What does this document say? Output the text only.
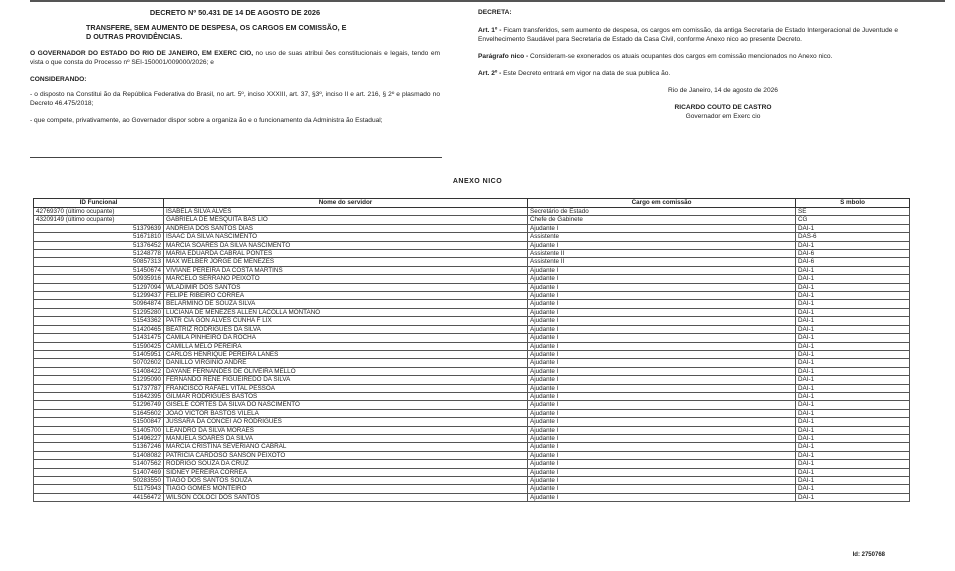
DECRETO Nº 50.431 DE 14 DE AGOSTO DE 2026
TRANSFERE, SEM AUMENTO DE DESPESA, OS CARGOS EM COMISSÃO, E
D OUTRAS PROVIDÊNCIAS.

O GOVERNADOR DO ESTADO DO RIO DE JANEIRO, EM EXERC CIO, no uso de suas atribui ões constitucionais e legais, tendo em vista o que consta do Processo nº SEI-150001/009000/2026; e

CONSIDERANDO:

- o disposto na Constitui ão da República Federativa do Brasil, no art. 5º, inciso XXXIII, art. 37, §3º, inciso II e art. 216, § 2º e plasmado no Decreto 46.475/2018;

- que compete, privativamente, ao Governador dispor sobre a organiza ão e o funcionamento da Administra ão Estadual;

DECRETA:

Art. 1º - Ficam transferidos, sem aumento de despesa, os cargos em comissão, da antiga Secretaria de Estado Intergeracional de Juventude e Envelhecimento Saudável para Secretaria de Estado da Casa Civil, conforme Anexo nico ao presente Decreto.

Parágrafo nico - Consideram-se exonerados os atuais ocupantes dos cargos em comissão mencionados no Anexo nico.

Art. 2º - Este Decreto entrará em vigor na data de sua publica ão.

Rio de Janeiro, 14 de agosto de 2026
RICARDO COUTO DE CASTRO
Governador em Exerc cio
ANEXO NICO
ID Funcional	Nome do servidor	Cargo em comissão	S mbolo
42769370 (último ocupante)	ISABELA SILVA ALVES	Secretário de Estado	SE
43209149 (último ocupante)	GABRIELA DE MESQUITA BAS LIO	Chefe de Gabinete	CG
51379639	ANDREIA DOS SANTOS DIAS	Ajudante I	DAI-1
51671810	ISAAC DA SILVA NASCIMENTO	Assistente	DAS-6
51376452	MARCIA SOARES DA SILVA NASCIMENTO	Ajudante I	DAI-1
51248778	MARIA EDUARDA CABRAL PONTES	Assistente II	DAI-6
50857313	MAX WELBER JORGE DE MENEZES	Assistente II	DAI-6
51450674	VIVIANE PEREIRA DA COSTA MARTINS	Ajudante I	DAI-1
50935916	MARCELO SERRANO PEIXOTO	Ajudante I	DAI-1
51297094	WLADIMIR DOS SANTOS	Ajudante I	DAI-1
51299437	FELIPE RIBEIRO CORREA	Ajudante I	DAI-1
50964874	BELARMINO DE SOUZA SILVA	Ajudante I	DAI-1
51295280	LUCIANA DE MENEZES ALLEN LACOLLA MONTANO	Ajudante I	DAI-1
51543362	PATR CIA GON ALVES CUNHA F LIX	Ajudante I	DAI-1
51420465	BEATRIZ RODRIGUES DA SILVA	Ajudante I	DAI-1
51431475	CAMILA PINHEIRO DA ROCHA	Ajudante I	DAI-1
51590425	CAMILLA MELO PEREIRA	Ajudante I	DAI-1
51405951	CARLOS HENRIQUE PEREIRA LANES	Ajudante I	DAI-1
50702602	DANILLO VIRGINIO ANDRE	Ajudante I	DAI-1
51408422	DAYANE FERNANDES DE OLIVEIRA MELLO	Ajudante I	DAI-1
51295090	FERNANDO RENE FIGUEIREDO DA SILVA	Ajudante I	DAI-1
51737787	FRANCISCO RAFAEL VITAL PESSOA	Ajudante I	DAI-1
51642395	GILMAR RODRIGUES BASTOS	Ajudante I	DAI-1
51296749	GISELE CORTES DA SILVA DO NASCIMENTO	Ajudante I	DAI-1
51645602	JOÃO VICTOR BASTOS VILELA	Ajudante I	DAI-1
51500847	JUSSARA DA CONCEI ÃO RODRIGUES	Ajudante I	DAI-1
51405700	LEANDRO DA SILVA MORAES	Ajudante I	DAI-1
51496227	MANUELA SOARES DA SILVA	Ajudante I	DAI-1
51367246	MARCIA CRISTINA SEVERIANO CABRAL	Ajudante I	DAI-1
51408082	PATRICIA CARDOSO SANSON PEIXOTO	Ajudante I	DAI-1
51407562	RODRIGO SOUZA DA CRUZ	Ajudante I	DAI-1
51407469	SIDNEY PEREIRA CORREA	Ajudante I	DAI-1
50283550	TIAGO DOS SANTOS SOUZA	Ajudante I	DAI-1
51175943	TIAGO GOMES MONTEIRO	Ajudante I	DAI-1
44156472	WILSON COLOCI DOS SANTOS	Ajudante I	DAI-1
Id: 2750768
